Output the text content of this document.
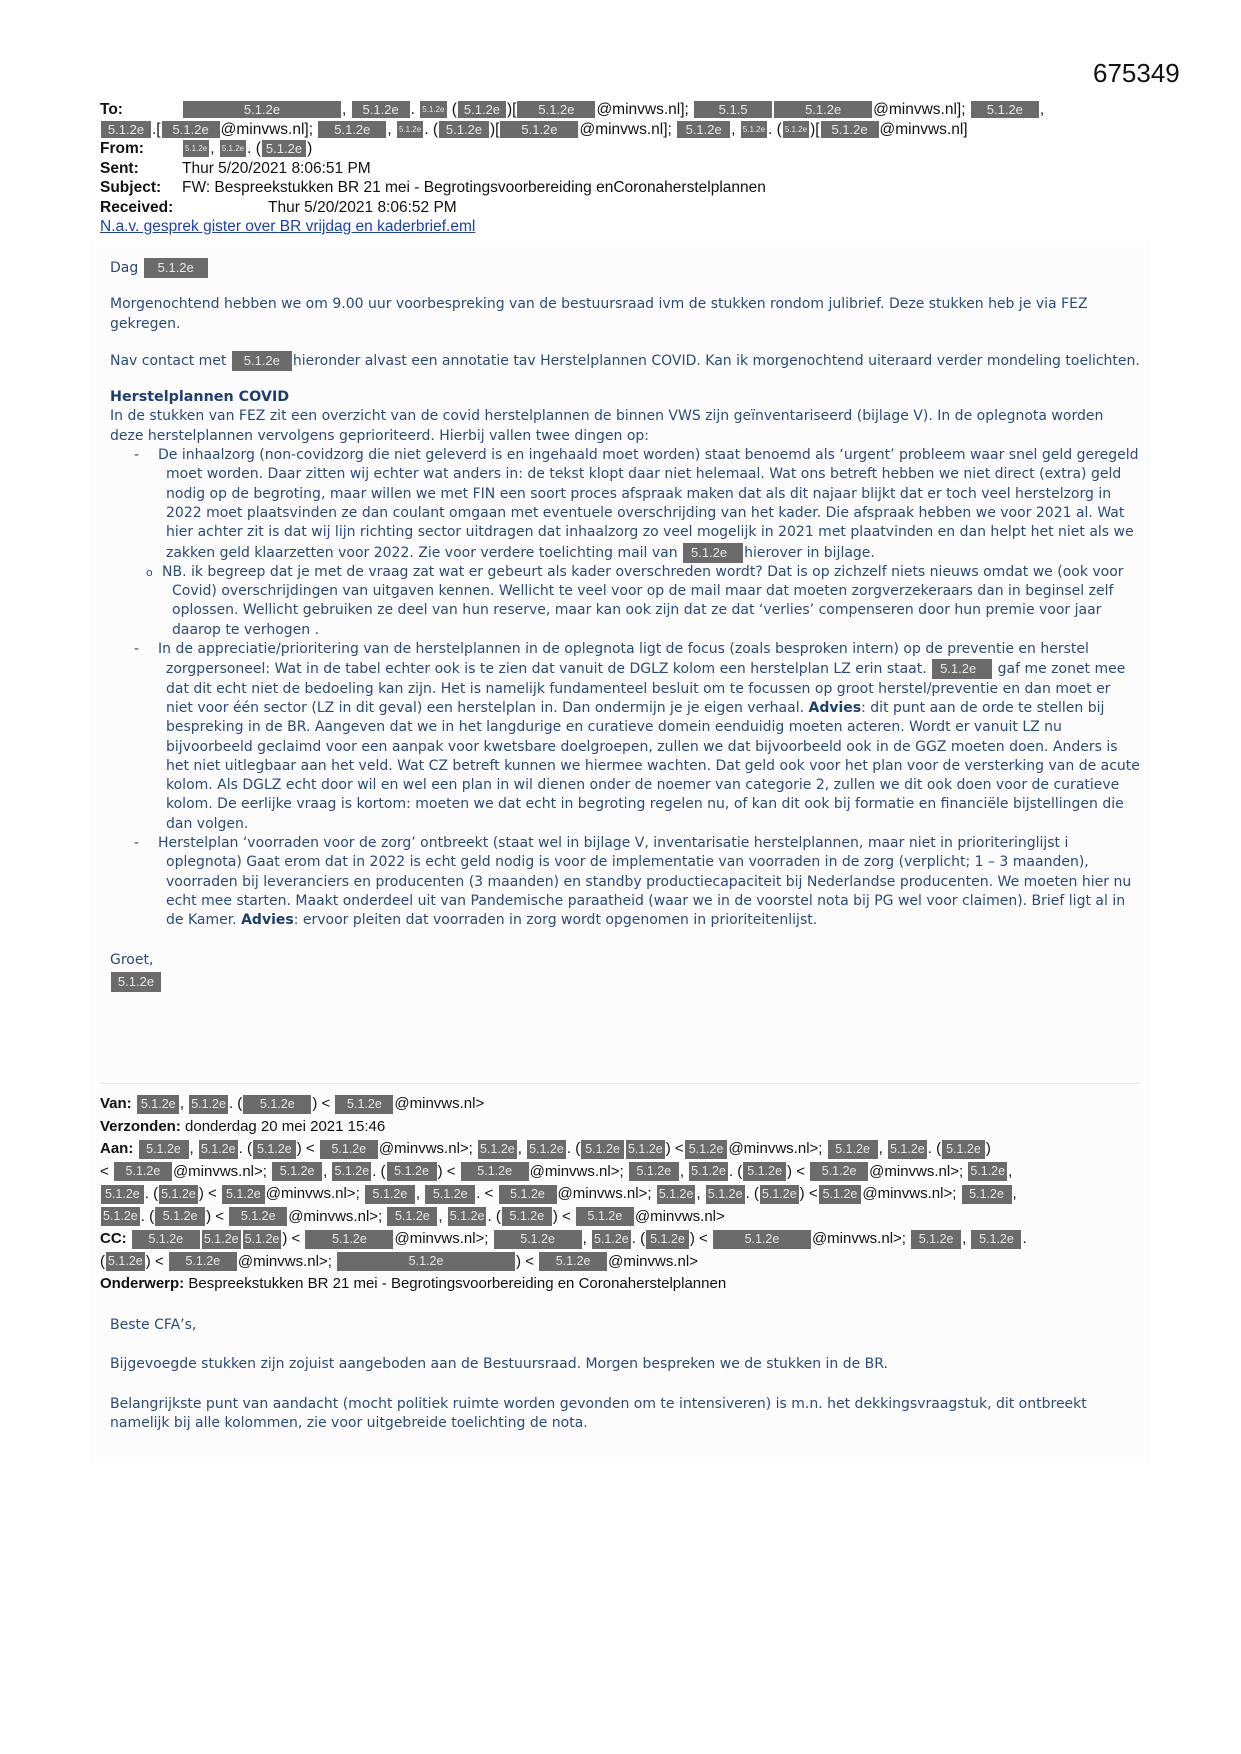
675349
To:	5.1.2e	, 5.1.2e . 5.1.2e ( 5.1.2e )[ 5.1.2e @minvws.nl]; 5.1.5	5.1.2e @minvws.nl]; 5.1.2e ,
5.1.2e .[ 5.1.2e @minvws.nl]; 5.1.2e , 5.1.2e . ( 5.1.2e )[ 5.1.2e @minvws.nl]; 5.1.2e , 5.1.2e . ( 5.1.2e )[ 5.1.2e @minvws.nl]
From:	5.1.2e , 5.1.2e . ( 5.1.2e )
Sent:	Thur 5/20/2021 8:06:51 PM
Subject: FW: Bespreekstukken BR 21 mei - Begrotingsvoorbereiding enCoronaherstelplannen
Received:	Thur 5/20/2021 8:06:52 PM
N.a.v. gesprek gister over BR vrijdag en kaderbrief.eml

Dag 5.1.2e

Morgenochtend hebben we om 9.00 uur voorbespreking van de bestuursraad ivm de stukken rondom julibrief. Deze stukken heb je via FEZ gekregen.

Nav contact met 5.1.2e hieronder alvast een annotatie tav Herstelplannen COVID. Kan ik morgenochtend uiteraard verder mondeling toelichten.

Herstelplannen COVID
In de stukken van FEZ zit een overzicht van de covid herstelplannen de binnen VWS zijn geïnventariseerd (bijlage V). In de oplegnota worden deze herstelplannen vervolgens geprioriteerd. Hierbij vallen twee dingen op:
- De inhaalzorg (non-covidzorg die niet geleverd is en ingehaald moet worden) staat benoemd als ‘urgent’ probleem waar snel geld geregeld moet worden. Daar zitten wij echter wat anders in: de tekst klopt daar niet helemaal. Wat ons betreft hebben we niet direct (extra) geld nodig op de begroting, maar willen we met FIN een soort proces afspraak maken dat als dit najaar blijkt dat er toch veel herstelzorg in 2022 moet plaatsvinden ze dan coulant omgaan met eventuele overschrijding van het kader. Die afspraak hebben we voor 2021 al. Wat hier achter zit is dat wij lijn richting sector uitdragen dat inhaalzorg zo veel mogelijk in 2021 met plaatvinden en dan helpt het niet als we zakken geld klaarzetten voor 2022. Zie voor verdere toelichting mail van 5.1.2e hierover in bijlage.
o NB. ik begreep dat je met de vraag zat wat er gebeurt als kader overschreden wordt? Dat is op zichzelf niets nieuws omdat we (ook voor Covid) overschrijdingen van uitgaven kennen. Wellicht te veel voor op de mail maar dat moeten zorgverzekeraars dan in beginsel zelf oplossen. Wellicht gebruiken ze deel van hun reserve, maar kan ook zijn dat ze dat ‘verlies’ compenseren door hun premie voor jaar daarop te verhogen .
- In de appreciatie/prioritering van de herstelplannen in de oplegnota ligt de focus (zoals besproken intern) op de preventie en herstel zorgpersoneel: Wat in de tabel echter ook is te zien dat vanuit de DGLZ kolom een herstelplan LZ erin staat. 5.1.2e gaf me zonet mee dat dit echt niet de bedoeling kan zijn. Het is namelijk fundamenteel besluit om te focussen op groot herstel/preventie en dan moet er niet voor één sector (LZ in dit geval) een herstelplan in. Dan ondermijn je je eigen verhaal. Advies: dit punt aan de orde te stellen bij bespreking in de BR. Aangeven dat we in het langdurige en curatieve domein eenduidig moeten acteren. Wordt er vanuit LZ nu bijvoorbeeld geclaimd voor een aanpak voor kwetsbare doelgroepen, zullen we dat bijvoorbeeld ook in de GGZ moeten doen. Anders is het niet uitlegbaar aan het veld. Wat CZ betreft kunnen we hiermee wachten. Dat geld ook voor het plan voor de versterking van de acute kolom. Als DGLZ echt door wil en wel een plan in wil dienen onder de noemer van categorie 2, zullen we dit ook doen voor de curatieve kolom. De eerlijke vraag is kortom: moeten we dat echt in begroting regelen nu, of kan dit ook bij formatie en financiële bijstellingen die dan volgen.
- Herstelplan ‘voorraden voor de zorg’ ontbreekt (staat wel in bijlage V, inventarisatie herstelplannen, maar niet in prioriteringlijst i oplegnota) Gaat erom dat in 2022 is echt geld nodig is voor de implementatie van voorraden in de zorg (verplicht; 1 – 3 maanden), voorraden bij leveranciers en producenten (3 maanden) en standby productiecapaciteit bij Nederlandse producenten. We moeten hier nu echt mee starten. Maakt onderdeel uit van Pandemische paraatheid (waar we in de voorstel nota bij PG wel voor claimen). Brief ligt al in de Kamer. Advies: ervoor pleiten dat voorraden in zorg wordt opgenomen in prioriteitenlijst.

Groet,

5.1.2e
Van: 5.1.2e , 5.1.2e . ( 5.1.2e ) < 5.1.2e @minvws.nl>
Verzonden: donderdag 20 mei 2021 15:46
Aan: 5.1.2e , 5.1.2e . ( 5.1.2e ) < 5.1.2e @minvws.nl>; 5.1.2e , 5.1.2e . ( 5.1.2e 5.1.2e ) < 5.1.2e @minvws.nl>; 5.1.2e , 5.1.2e . ( 5.1.2e )
< 5.1.2e @minvws.nl>; 5.1.2e , 5.1.2e . ( 5.1.2e ) < 5.1.2e @minvws.nl>; 5.1.2e , 5.1.2e . ( 5.1.2e ) < 5.1.2e @minvws.nl>; 5.1.2e ,
5.1.2e . ( 5.1.2e ) < 5.1.2e @minvws.nl>; 5.1.2e , 5.1.2e . < 5.1.2e @minvws.nl>; 5.1.2e , 5.1.2e . ( 5.1.2e ) < 5.1.2e @minvws.nl>; 5.1.2e ,
5.1.2e . ( 5.1.2e ) < 5.1.2e @minvws.nl>; 5.1.2e , 5.1.2e . ( 5.1.2e ) < 5.1.2e @minvws.nl>
CC: 5.1.2e 5.1.2e 5.1.2e ) < 5.1.2e @minvws.nl>; 5.1.2e , 5.1.2e . ( 5.1.2e ) <	5.1.2e @minvws.nl>; 5.1.2e , 5.1.2e .
( 5.1.2e ) < 5.1.2e @minvws.nl>;	5.1.2e	) < 5.1.2e @minvws.nl>
Onderwerp: Bespreekstukken BR 21 mei - Begrotingsvoorbereiding en Coronaherstelplannen

Beste CFA’s,

Bijgevoegde stukken zijn zojuist aangeboden aan de Bestuursraad. Morgen bespreken we de stukken in de BR.

Belangrijkste punt van aandacht (mocht politiek ruimte worden gevonden om te intensiveren) is m.n. het dekkingsvraagstuk, dit ontbreekt namelijk bij alle kolommen, zie voor uitgebreide toelichting de nota.
